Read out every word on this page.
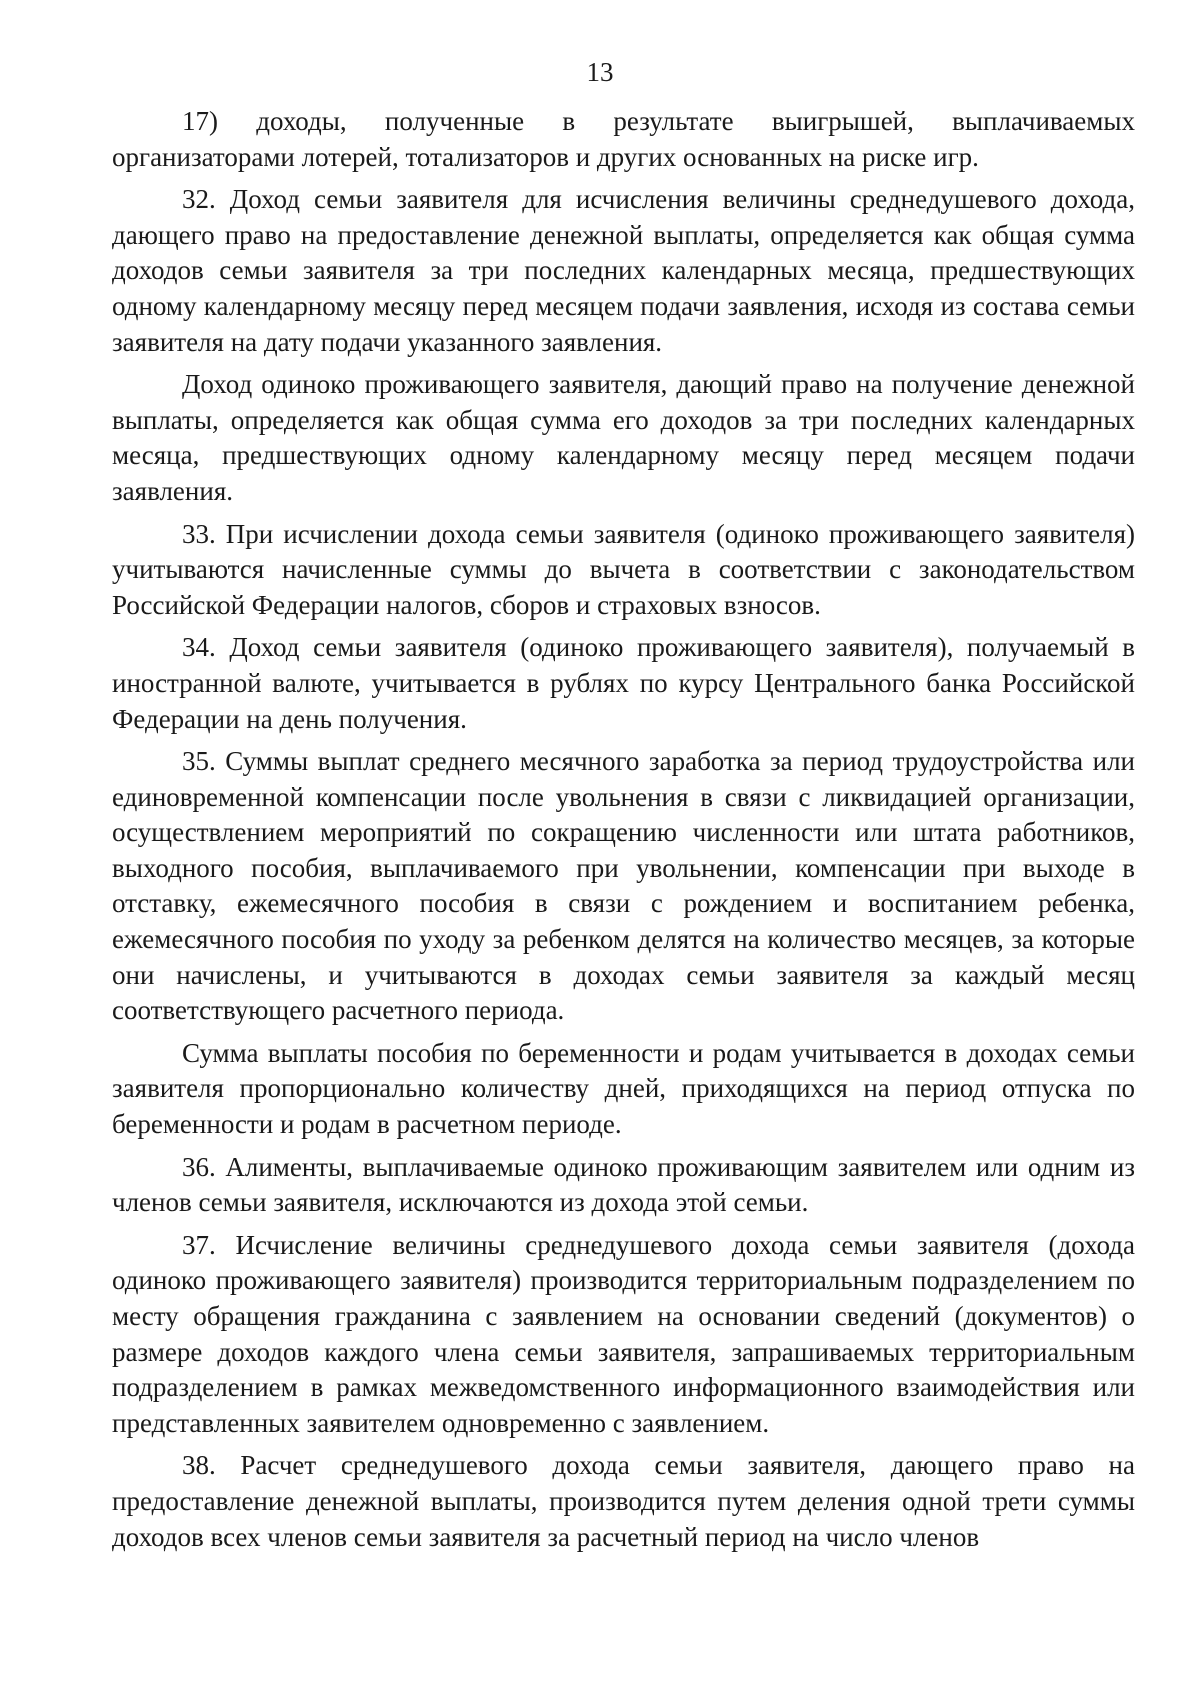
13

17) доходы, полученные в результате выигрышей, выплачиваемых организаторами лотерей, тотализаторов и других основанных на риске игр.

32. Доход семьи заявителя для исчисления величины среднедушевого дохода, дающего право на предоставление денежной выплаты, определяется как общая сумма доходов семьи заявителя за три последних календарных месяца, предшествующих одному календарному месяцу перед месяцем подачи заявления, исходя из состава семьи заявителя на дату подачи указанного заявления.

Доход одиноко проживающего заявителя, дающий право на получение денежной выплаты, определяется как общая сумма его доходов за три последних календарных месяца, предшествующих одному календарному месяцу перед месяцем подачи заявления.

33. При исчислении дохода семьи заявителя (одиноко проживающего заявителя) учитываются начисленные суммы до вычета в соответствии с законодательством Российской Федерации налогов, сборов и страховых взносов.

34. Доход семьи заявителя (одиноко проживающего заявителя), получаемый в иностранной валюте, учитывается в рублях по курсу Центрального банка Российской Федерации на день получения.

35. Суммы выплат среднего месячного заработка за период трудоустройства или единовременной компенсации после увольнения в связи с ликвидацией организации, осуществлением мероприятий по сокращению численности или штата работников, выходного пособия, выплачиваемого при увольнении, компенсации при выходе в отставку, ежемесячного пособия в связи с рождением и воспитанием ребенка, ежемесячного пособия по уходу за ребенком делятся на количество месяцев, за которые они начислены, и учитываются в доходах семьи заявителя за каждый месяц соответствующего расчетного периода.

Сумма выплаты пособия по беременности и родам учитывается в доходах семьи заявителя пропорционально количеству дней, приходящихся на период отпуска по беременности и родам в расчетном периоде.

36. Алименты, выплачиваемые одиноко проживающим заявителем или одним из членов семьи заявителя, исключаются из дохода этой семьи.

37. Исчисление величины среднедушевого дохода семьи заявителя (дохода одиноко проживающего заявителя) производится территориальным подразделением по месту обращения гражданина с заявлением на основании сведений (документов) о размере доходов каждого члена семьи заявителя, запрашиваемых территориальным подразделением в рамках межведомственного информационного взаимодействия или представленных заявителем одновременно с заявлением.

38. Расчет среднедушевого дохода семьи заявителя, дающего право на предоставление денежной выплаты, производится путем деления одной трети суммы доходов всех членов семьи заявителя за расчетный период на число членов
